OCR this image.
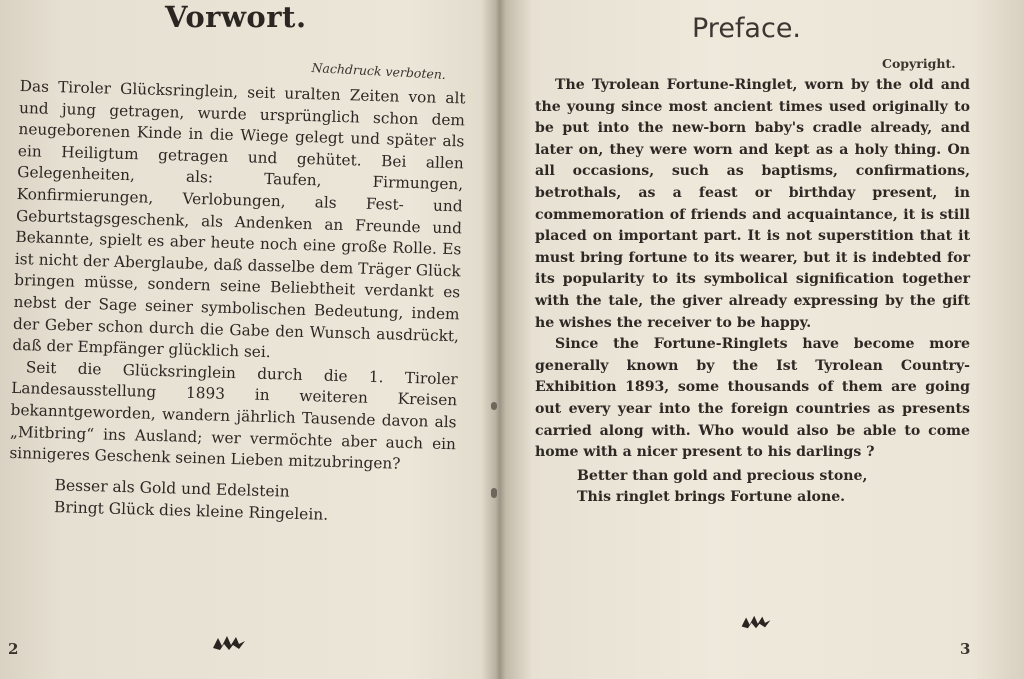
Vorwort.
Nachdruck verboten.

Das Tiroler Glücksringlein, seit uralten Zeiten von alt und jung getragen, wurde ursprünglich schon dem neugeborenen Kinde in die Wiege gelegt und später als ein Heiligtum getragen und gehütet. Bei allen Gelegenheiten, als: Taufen, Firmungen, Konfirmierungen, Verlobungen, als Fest- und Geburtstagsgeschenk, als Andenken an Freunde und Bekannte, spielt es aber heute noch eine große Rolle. Es ist nicht der Aberglaube, daß dasselbe dem Träger Glück bringen müsse, sondern seine Beliebtheit verdankt es nebst der Sage seiner symbolischen Bedeutung, indem der Geber schon durch die Gabe den Wunsch ausdrückt, daß der Empfänger glücklich sei.

Seit die Glücksringlein durch die 1. Tiroler Landesausstellung 1893 in weiteren Kreisen bekanntgeworden, wandern jährlich Tausende davon als „Mitbring“ ins Ausland; wer vermöchte aber auch ein sinnigeres Geschenk seinen Lieben mitzubringen?

Besser als Gold und Edelstein
Bringt Glück dies kleine Ringelein.
2
Preface.
Copyright.

The Tyrolean Fortune-Ringlet, worn by the old and the young since most ancient times used originally to be put into the new-born baby's cradle already, and later on, they were worn and kept as a holy thing. On all occasions, such as baptisms, confirmations, betrothals, as a feast or birthday present, in commemoration of friends and acquaintance, it is still placed on important part. It is not superstition that it must bring fortune to its wearer, but it is indebted for its popularity to its symbolical signification together with the tale, the giver already expressing by the gift he wishes the receiver to be happy.

Since the Fortune-Ringlets have become more generally known by the Ist Tyrolean Country-Exhibition 1893, some thousands of them are going out every year into the foreign countries as presents carried along with. Who would also be able to come home with a nicer present to his darlings ?

Better than gold and precious stone,
This ringlet brings Fortune alone.
3
